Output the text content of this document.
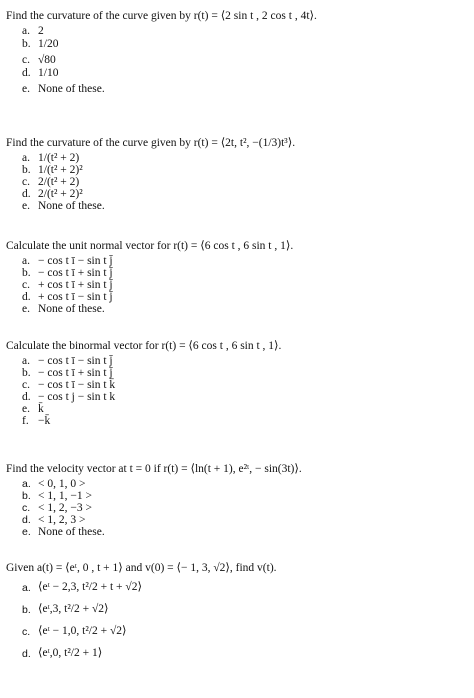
Find the curvature of the curve given by r(t) = ⟨2 sin t , 2 cos t , 4t⟩.
a. 2
b. 1/20
c. √80
d. 1/10
e. None of these.
Find the curvature of the curve given by r(t) = ⟨2t, t², −(1/3)t³⟩.
a. 1/(t² + 2)
b. 1/(t² + 2)²
c. 2/(t² + 2)
d. 2/(t² + 2)²
e. None of these.
Calculate the unit normal vector for r(t) = ⟨6 cos t , 6 sin t , 1⟩.
a. − cos t ī − sin t j̄
b. − cos t ī + sin t j̄
c. + cos t ī + sin t j̄
d. + cos t ī − sin t j̄
e. None of these.
Calculate the binormal vector for r(t) = ⟨6 cos t , 6 sin t , 1⟩.
a. − cos t ī − sin t j̄
b. − cos t ī + sin t j̄
c. − cos t ī − sin t k̄
d. − cos t j − sin t k
e. k̄
f. −k̄
Find the velocity vector at t = 0 if r(t) = ⟨ln(t + 1), e²ᵗ, − sin(3t)⟩.
a. < 0, 1, 0 >
b. < 1, 1, −1 >
c. < 1, 2, −3 >
d. < 1, 2, 3 >
e. None of these.
Given a(t) = ⟨eᵗ, 0 , t + 1⟩ and v(0) = ⟨− 1, 3, √2⟩, find v(t).
a. ⟨eᵗ − 2,3, t²/2 + t + √2⟩
b. ⟨eᵗ,3, t²/2 + √2⟩
c. ⟨eᵗ − 1,0, t²/2 + √2⟩
d. ⟨eᵗ,0, t²/2 + 1⟩
